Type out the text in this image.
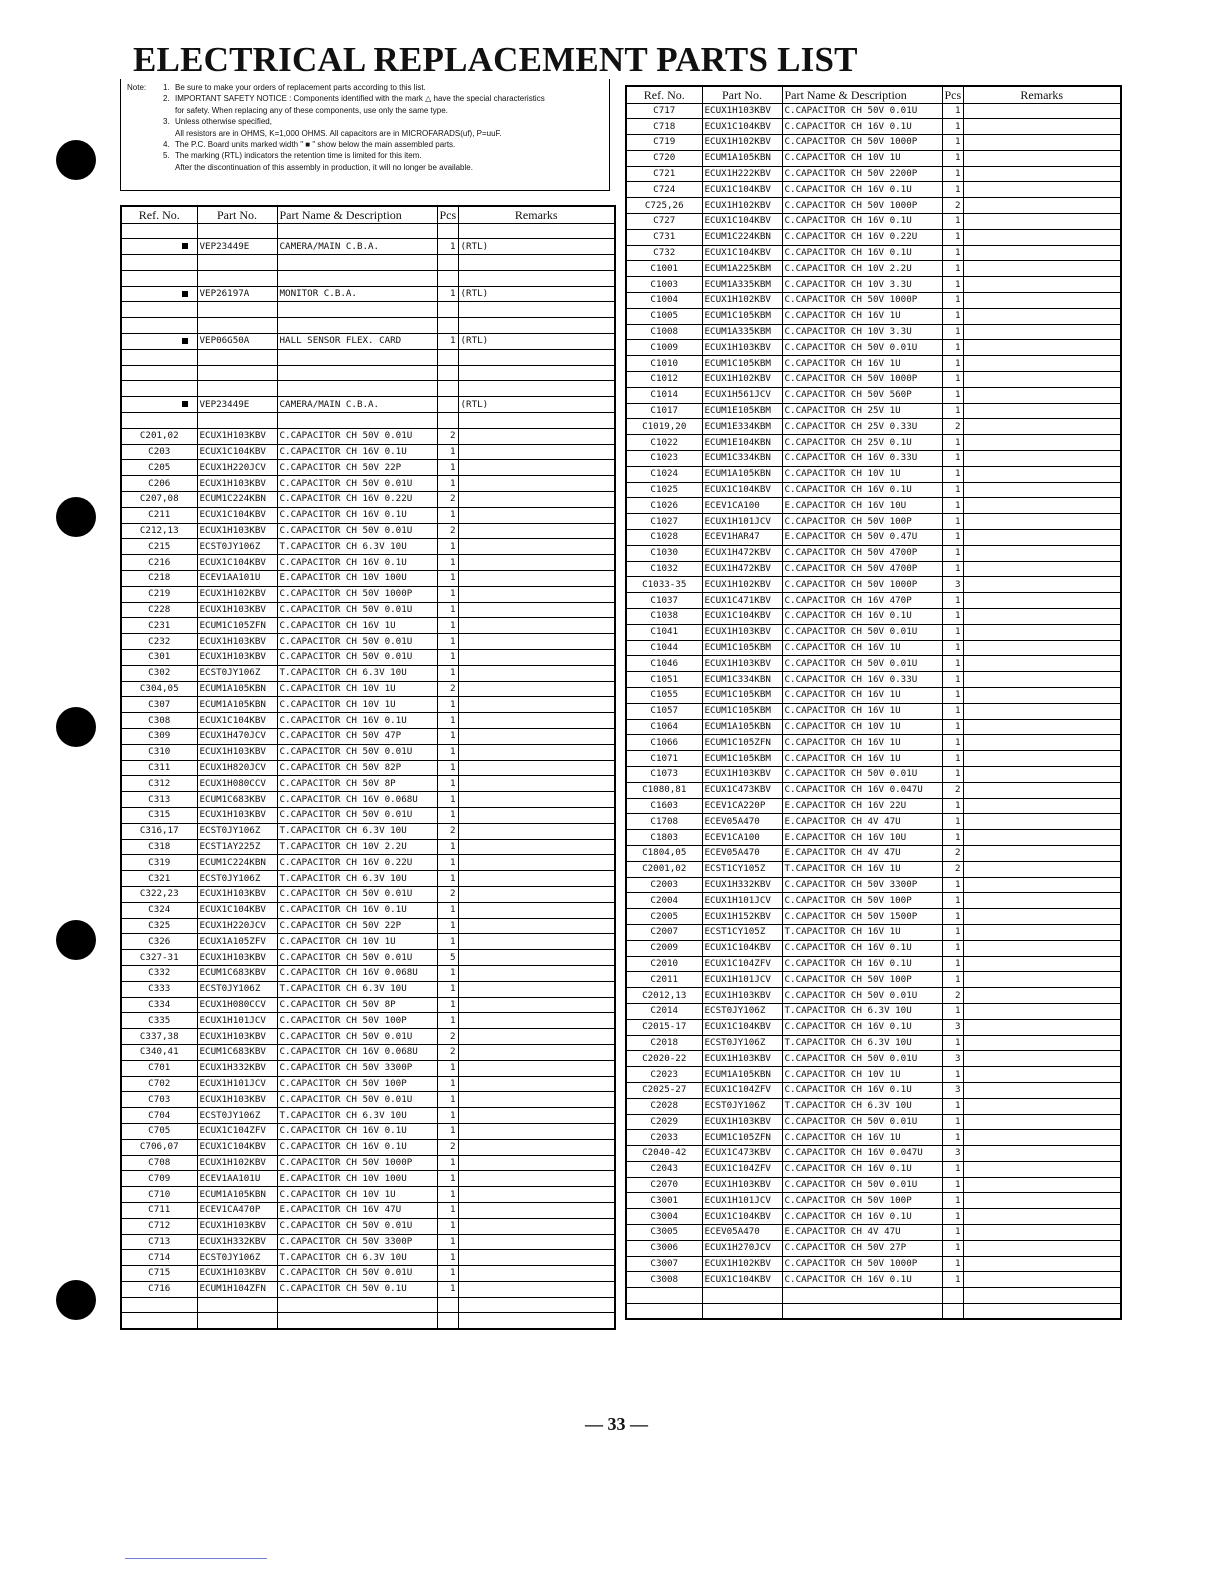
ELECTRICAL REPLACEMENT PARTS LIST
Note:	1. Be sure to make your orders of replacement parts according to this list.
2. IMPORTANT SAFETY NOTICE : Components identified with the mark △ have the special characteristics
for safety. When replacing any of these components, use only the same type.
3. Unless otherwise specified,
All resistors are in OHMS, K=1,000 OHMS. All capacitors are in MICROFARADS(uf), P=uuF.
4. The P.C. Board units marked width " ■ " show below the main assembled parts.
5. The marking (RTL) indicators the retention time is limited for this item.
After the discontinuation of this assembly in production, it will no longer be available.
Ref. No.	Part No.	Part Name & Description	Pcs	Remarks

	VEP23449E	CAMERA/MAIN C.B.A.	1	(RTL)

	VEP26197A	MONITOR C.B.A.	1	(RTL)

	VEP06G50A	HALL SENSOR FLEX. CARD	1	(RTL)

	VEP23449E	CAMERA/MAIN C.B.A.		(RTL)

C201,02	ECUX1H103KBV	C.CAPACITOR CH 50V 0.01U	2	
C203	ECUX1C104KBV	C.CAPACITOR CH 16V 0.1U	1	
C205	ECUX1H220JCV	C.CAPACITOR CH 50V 22P	1	
C206	ECUX1H103KBV	C.CAPACITOR CH 50V 0.01U	1	
C207,08	ECUM1C224KBN	C.CAPACITOR CH 16V 0.22U	2	
C211	ECUX1C104KBV	C.CAPACITOR CH 16V 0.1U	1	
C212,13	ECUX1H103KBV	C.CAPACITOR CH 50V 0.01U	2	
C215	ECST0JY106Z	T.CAPACITOR CH 6.3V 10U	1	
C216	ECUX1C104KBV	C.CAPACITOR CH 16V 0.1U	1	
C218	ECEV1AA101U	E.CAPACITOR CH 10V 100U	1	
C219	ECUX1H102KBV	C.CAPACITOR CH 50V 1000P	1	
C228	ECUX1H103KBV	C.CAPACITOR CH 50V 0.01U	1	
C231	ECUM1C105ZFN	C.CAPACITOR CH 16V 1U	1	
C232	ECUX1H103KBV	C.CAPACITOR CH 50V 0.01U	1	
C301	ECUX1H103KBV	C.CAPACITOR CH 50V 0.01U	1	
C302	ECST0JY106Z	T.CAPACITOR CH 6.3V 10U	1	
C304,05	ECUM1A105KBN	C.CAPACITOR CH 10V 1U	2	
C307	ECUM1A105KBN	C.CAPACITOR CH 10V 1U	1	
C308	ECUX1C104KBV	C.CAPACITOR CH 16V 0.1U	1	
C309	ECUX1H470JCV	C.CAPACITOR CH 50V 47P	1	
C310	ECUX1H103KBV	C.CAPACITOR CH 50V 0.01U	1	
C311	ECUX1H820JCV	C.CAPACITOR CH 50V 82P	1	
C312	ECUX1H080CCV	C.CAPACITOR CH 50V 8P	1	
C313	ECUM1C683KBV	C.CAPACITOR CH 16V 0.068U	1	
C315	ECUX1H103KBV	C.CAPACITOR CH 50V 0.01U	1	
C316,17	ECST0JY106Z	T.CAPACITOR CH 6.3V 10U	2	
C318	ECST1AY225Z	T.CAPACITOR CH 10V 2.2U	1	
C319	ECUM1C224KBN	C.CAPACITOR CH 16V 0.22U	1	
C321	ECST0JY106Z	T.CAPACITOR CH 6.3V 10U	1	
C322,23	ECUX1H103KBV	C.CAPACITOR CH 50V 0.01U	2	
C324	ECUX1C104KBV	C.CAPACITOR CH 16V 0.1U	1	
C325	ECUX1H220JCV	C.CAPACITOR CH 50V 22P	1	
C326	ECUX1A105ZFV	C.CAPACITOR CH 10V 1U	1	
C327-31	ECUX1H103KBV	C.CAPACITOR CH 50V 0.01U	5	
C332	ECUM1C683KBV	C.CAPACITOR CH 16V 0.068U	1	
C333	ECST0JY106Z	T.CAPACITOR CH 6.3V 10U	1	
C334	ECUX1H080CCV	C.CAPACITOR CH 50V 8P	1	
C335	ECUX1H101JCV	C.CAPACITOR CH 50V 100P	1	
C337,38	ECUX1H103KBV	C.CAPACITOR CH 50V 0.01U	2	
C340,41	ECUM1C683KBV	C.CAPACITOR CH 16V 0.068U	2	
C701	ECUX1H332KBV	C.CAPACITOR CH 50V 3300P	1	
C702	ECUX1H101JCV	C.CAPACITOR CH 50V 100P	1	
C703	ECUX1H103KBV	C.CAPACITOR CH 50V 0.01U	1	
C704	ECST0JY106Z	T.CAPACITOR CH 6.3V 10U	1	
C705	ECUX1C104ZFV	C.CAPACITOR CH 16V 0.1U	1	
C706,07	ECUX1C104KBV	C.CAPACITOR CH 16V 0.1U	2	
C708	ECUX1H102KBV	C.CAPACITOR CH 50V 1000P	1	
C709	ECEV1AA101U	E.CAPACITOR CH 10V 100U	1	
C710	ECUM1A105KBN	C.CAPACITOR CH 10V 1U	1	
C711	ECEV1CA470P	E.CAPACITOR CH 16V 47U	1	
C712	ECUX1H103KBV	C.CAPACITOR CH 50V 0.01U	1	
C713	ECUX1H332KBV	C.CAPACITOR CH 50V 3300P	1	
C714	ECST0JY106Z	T.CAPACITOR CH 6.3V 10U	1	
C715	ECUX1H103KBV	C.CAPACITOR CH 50V 0.01U	1	
C716	ECUM1H104ZFN	C.CAPACITOR CH 50V 0.1U	1	

Ref. No.	Part No.	Part Name & Description	Pcs	Remarks
C717	ECUX1H103KBV	C.CAPACITOR CH 50V 0.01U	1	
C718	ECUX1C104KBV	C.CAPACITOR CH 16V 0.1U	1	
C719	ECUX1H102KBV	C.CAPACITOR CH 50V 1000P	1	
C720	ECUM1A105KBN	C.CAPACITOR CH 10V 1U	1	
C721	ECUX1H222KBV	C.CAPACITOR CH 50V 2200P	1	
C724	ECUX1C104KBV	C.CAPACITOR CH 16V 0.1U	1	
C725,26	ECUX1H102KBV	C.CAPACITOR CH 50V 1000P	2	
C727	ECUX1C104KBV	C.CAPACITOR CH 16V 0.1U	1	
C731	ECUM1C224KBN	C.CAPACITOR CH 16V 0.22U	1	
C732	ECUX1C104KBV	C.CAPACITOR CH 16V 0.1U	1	
C1001	ECUM1A225KBM	C.CAPACITOR CH 10V 2.2U	1	
C1003	ECUM1A335KBM	C.CAPACITOR CH 10V 3.3U	1	
C1004	ECUX1H102KBV	C.CAPACITOR CH 50V 1000P	1	
C1005	ECUM1C105KBM	C.CAPACITOR CH 16V 1U	1	
C1008	ECUM1A335KBM	C.CAPACITOR CH 10V 3.3U	1	
C1009	ECUX1H103KBV	C.CAPACITOR CH 50V 0.01U	1	
C1010	ECUM1C105KBM	C.CAPACITOR CH 16V 1U	1	
C1012	ECUX1H102KBV	C.CAPACITOR CH 50V 1000P	1	
C1014	ECUX1H561JCV	C.CAPACITOR CH 50V 560P	1	
C1017	ECUM1E105KBM	C.CAPACITOR CH 25V 1U	1	
C1019,20	ECUM1E334KBM	C.CAPACITOR CH 25V 0.33U	2	
C1022	ECUM1E104KBN	C.CAPACITOR CH 25V 0.1U	1	
C1023	ECUM1C334KBN	C.CAPACITOR CH 16V 0.33U	1	
C1024	ECUM1A105KBN	C.CAPACITOR CH 10V 1U	1	
C1025	ECUX1C104KBV	C.CAPACITOR CH 16V 0.1U	1	
C1026	ECEV1CA100	E.CAPACITOR CH 16V 10U	1	
C1027	ECUX1H101JCV	C.CAPACITOR CH 50V 100P	1	
C1028	ECEV1HAR47	E.CAPACITOR CH 50V 0.47U	1	
C1030	ECUX1H472KBV	C.CAPACITOR CH 50V 4700P	1	
C1032	ECUX1H472KBV	C.CAPACITOR CH 50V 4700P	1	
C1033-35	ECUX1H102KBV	C.CAPACITOR CH 50V 1000P	3	
C1037	ECUX1C471KBV	C.CAPACITOR CH 16V 470P	1	
C1038	ECUX1C104KBV	C.CAPACITOR CH 16V 0.1U	1	
C1041	ECUX1H103KBV	C.CAPACITOR CH 50V 0.01U	1	
C1044	ECUM1C105KBM	C.CAPACITOR CH 16V 1U	1	
C1046	ECUX1H103KBV	C.CAPACITOR CH 50V 0.01U	1	
C1051	ECUM1C334KBN	C.CAPACITOR CH 16V 0.33U	1	
C1055	ECUM1C105KBM	C.CAPACITOR CH 16V 1U	1	
C1057	ECUM1C105KBM	C.CAPACITOR CH 16V 1U	1	
C1064	ECUM1A105KBN	C.CAPACITOR CH 10V 1U	1	
C1066	ECUM1C105ZFN	C.CAPACITOR CH 16V 1U	1	
C1071	ECUM1C105KBM	C.CAPACITOR CH 16V 1U	1	
C1073	ECUX1H103KBV	C.CAPACITOR CH 50V 0.01U	1	
C1080,81	ECUX1C473KBV	C.CAPACITOR CH 16V 0.047U	2	
C1603	ECEV1CA220P	E.CAPACITOR CH 16V 22U	1	
C1708	ECEV05A470	E.CAPACITOR CH 4V 47U	1	
C1803	ECEV1CA100	E.CAPACITOR CH 16V 10U	1	
C1804,05	ECEV05A470	E.CAPACITOR CH 4V 47U	2	
C2001,02	ECST1CY105Z	T.CAPACITOR CH 16V 1U	2	
C2003	ECUX1H332KBV	C.CAPACITOR CH 50V 3300P	1	
C2004	ECUX1H101JCV	C.CAPACITOR CH 50V 100P	1	
C2005	ECUX1H152KBV	C.CAPACITOR CH 50V 1500P	1	
C2007	ECST1CY105Z	T.CAPACITOR CH 16V 1U	1	
C2009	ECUX1C104KBV	C.CAPACITOR CH 16V 0.1U	1	
C2010	ECUX1C104ZFV	C.CAPACITOR CH 16V 0.1U	1	
C2011	ECUX1H101JCV	C.CAPACITOR CH 50V 100P	1	
C2012,13	ECUX1H103KBV	C.CAPACITOR CH 50V 0.01U	2	
C2014	ECST0JY106Z	T.CAPACITOR CH 6.3V 10U	1	
C2015-17	ECUX1C104KBV	C.CAPACITOR CH 16V 0.1U	3	
C2018	ECST0JY106Z	T.CAPACITOR CH 6.3V 10U	1	
C2020-22	ECUX1H103KBV	C.CAPACITOR CH 50V 0.01U	3	
C2023	ECUM1A105KBN	C.CAPACITOR CH 10V 1U	1	
C2025-27	ECUX1C104ZFV	C.CAPACITOR CH 16V 0.1U	3	
C2028	ECST0JY106Z	T.CAPACITOR CH 6.3V 10U	1	
C2029	ECUX1H103KBV	C.CAPACITOR CH 50V 0.01U	1	
C2033	ECUM1C105ZFN	C.CAPACITOR CH 16V 1U	1	
C2040-42	ECUX1C473KBV	C.CAPACITOR CH 16V 0.047U	3	
C2043	ECUX1C104ZFV	C.CAPACITOR CH 16V 0.1U	1	
C2070	ECUX1H103KBV	C.CAPACITOR CH 50V 0.01U	1	
C3001	ECUX1H101JCV	C.CAPACITOR CH 50V 100P	1	
C3004	ECUX1C104KBV	C.CAPACITOR CH 16V 0.1U	1	
C3005	ECEV05A470	E.CAPACITOR CH 4V 47U	1	
C3006	ECUX1H270JCV	C.CAPACITOR CH 50V 27P	1	
C3007	ECUX1H102KBV	C.CAPACITOR CH 50V 1000P	1	
C3008	ECUX1C104KBV	C.CAPACITOR CH 16V 0.1U	1	

— 33 —
